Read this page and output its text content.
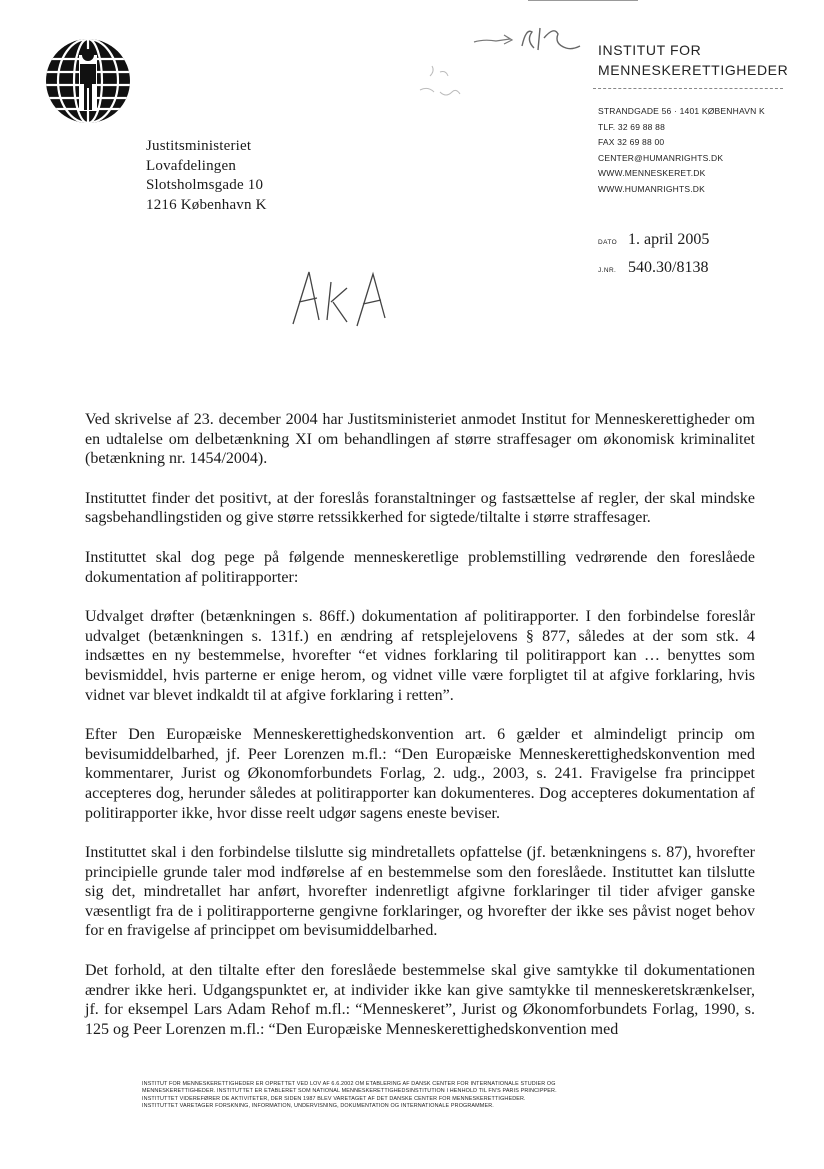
INSTITUT FOR
MENNESKERETTIGHEDER
STRANDGADE 56 · 1401 KØBENHAVN K
TLF. 32 69 88 88
FAX 32 69 88 00
CENTER@HUMANRIGHTS.DK
WWW.MENNESKERET.DK
WWW.HUMANRIGHTS.DK
Justitsministeriet
Lovafdelingen
Slotsholmsgade 10
1216 København K
DATO 1. april 2005
J.NR. 540.30/8138

Ved skrivelse af 23. december 2004 har Justitsministeriet anmodet Institut for Menneskerettigheder om en udtalelse om delbetænkning XI om behandlingen af større straffesager om økonomisk kriminalitet (betænkning nr. 1454/2004).

Instituttet finder det positivt, at der foreslås foranstaltninger og fastsættelse af regler, der skal mindske sagsbehandlingstiden og give større retssikkerhed for sigtede/tiltalte i større straffesager.

Instituttet skal dog pege på følgende menneskeretlige problemstilling vedrørende den foreslåede dokumentation af politirapporter:

Udvalget drøfter (betænkningen s. 86ff.) dokumentation af politirapporter. I den forbindelse foreslår udvalget (betænkningen s. 131f.) en ændring af retsplejelovens § 877, således at der som stk. 4 indsættes en ny bestemmelse, hvorefter “et vidnes forklaring til politirapport kan … benyttes som bevismiddel, hvis parterne er enige herom, og vidnet ville være forpligtet til at afgive forklaring, hvis vidnet var blevet indkaldt til at afgive forklaring i retten”.

Efter Den Europæiske Menneskerettighedskonvention art. 6 gælder et almindeligt princip om bevisumiddelbarhed, jf. Peer Lorenzen m.fl.: “Den Europæiske Menneskerettighedskonvention med kommentarer, Jurist og Økonomforbundets Forlag, 2. udg., 2003, s. 241. Fravigelse fra princippet accepteres dog, herunder således at politirapporter kan dokumenteres. Dog accepteres dokumentation af politirapporter ikke, hvor disse reelt udgør sagens eneste beviser.

Instituttet skal i den forbindelse tilslutte sig mindretallets opfattelse (jf. betænkningens s. 87), hvorefter principielle grunde taler mod indførelse af en bestemmelse som den foreslåede. Instituttet kan tilslutte sig det, mindretallet har anført, hvorefter indenretligt afgivne forklaringer til tider afviger ganske væsentligt fra de i politirapporterne gengivne forklaringer, og hvorefter der ikke ses påvist noget behov for en fravigelse af princippet om bevisumiddelbarhed.

Det forhold, at den tiltalte efter den foreslåede bestemmelse skal give samtykke til dokumentationen ændrer ikke heri. Udgangspunktet er, at individer ikke kan give samtykke til menneskeretskrænkelser, jf. for eksempel Lars Adam Rehof m.fl.: “Menneskeret”, Jurist og Økonomforbundets Forlag, 1990, s. 125 og Peer Lorenzen m.fl.: “Den Europæiske Menneskerettighedskonvention med

INSTITUT FOR MENNESKERETTIGHEDER ER OPRETTET VED LOV AF 6.6.2002 OM ETABLERING AF DANSK CENTER FOR INTERNATIONALE STUDIER OG
MENNESKERETTIGHEDER. INSTITUTTET ER ETABLERET SOM NATIONAL MENNESKERETTIGHEDSINSTITUTION I HENHOLD TIL FN'S PARIS PRINCIPPER.
INSTITUTTET VIDEREFØRER DE AKTIVITETER, DER SIDEN 1987 BLEV VARETAGET AF DET DANSKE CENTER FOR MENNESKERETTIGHEDER.
INSTITUTTET VARETAGER FORSKNING, INFORMATION, UNDERVISNING, DOKUMENTATION OG INTERNATIONALE PROGRAMMER.
